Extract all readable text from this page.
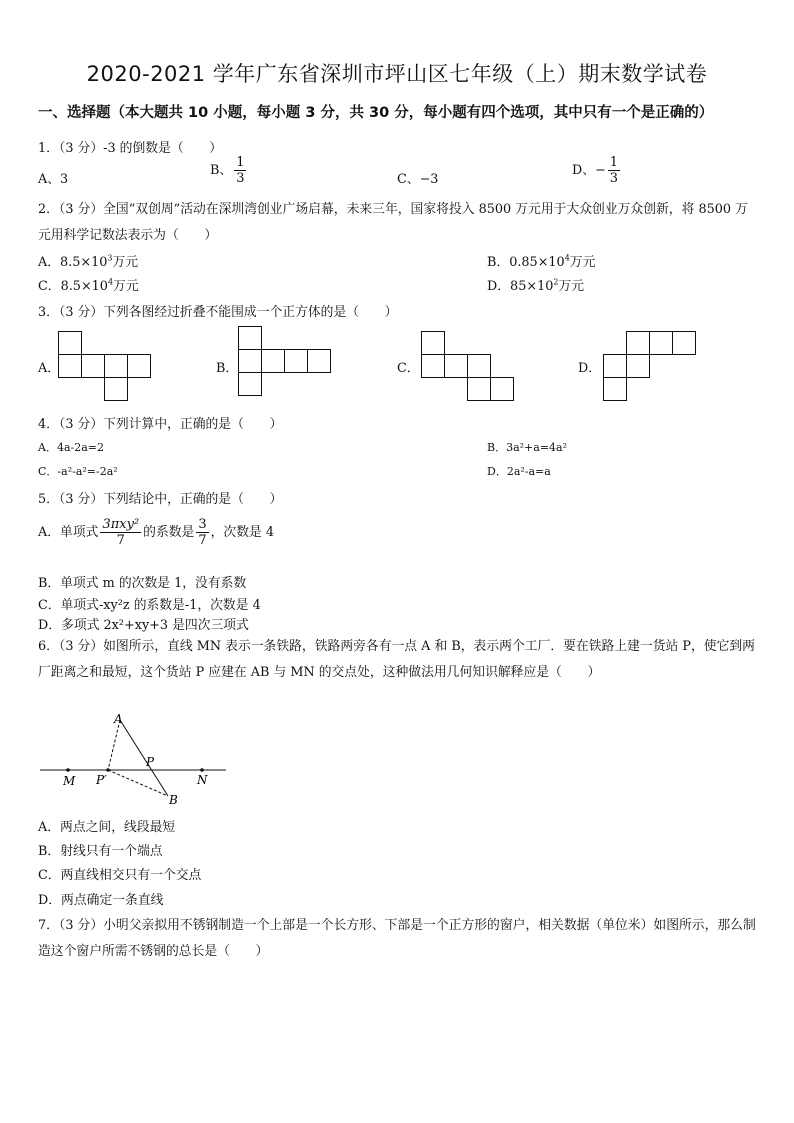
2020-2021 学年广东省深圳市坪山区七年级（上）期末数学试卷
一、选择题（本大题共 10 小题，每小题 3 分，共 30 分，每小题有四个选项，其中只有一个是正确的）
1．（3 分）-3 的倒数是（　　）
A、3
B、 $\frac{1}{3}$	C、−3
D、− $\frac{1}{3}$
2．（3 分）全国“双创周”活动在深圳湾创业广场启幕，未来三年，国家将投入 8500 万元用于大众创业万众创新，将 8500 万元用科学记数法表示为（　　）
A．$8.5\times 10^3$万元	B．$0.85\times 10^4$万元
C．$8.5\times 10^4$万元	D．$85\times 10^2$万元
3．（3 分）下列各图经过折叠不能围成一个正方体的是（　　）
A．	B．	C．	D．
4．（3 分）下列计算中，正确的是（　　）
A．4a-2a=2	B．3a²+a=4a²
C．-a²-a²=-2a²	D．2a²-a=a
5．（3 分）下列结论中，正确的是（　　）
A．单项式 $\frac{\text{3πxy²}}{7}$ 的系数是 $\frac{3}{7}$ ，次数是 4
B．单项式 m 的次数是 1，没有系数
C．单项式-xy²z 的系数是-1，次数是 4
D．多项式 2x²+xy+3 是四次三项式
6．（3 分）如图所示，直线 MN 表示一条铁路，铁路两旁各有一点 A 和 B，表示两个工厂．要在铁路上建一货站 P，使它到两厂距离之和最短，这个货站 P 应建在 AB 与 MN 的交点处，这种做法用几何知识解释应是（　　）
A
P
P′
M	N
B
A．两点之间，线段最短
B．射线只有一个端点
C．两直线相交只有一个交点
D．两点确定一条直线
7．（3 分）小明父亲拟用不锈钢制造一个上部是一个长方形、下部是一个正方形的窗户，相关数据（单位米）如图所示，那么制造这个窗户所需不锈钢的总长是（　　）
